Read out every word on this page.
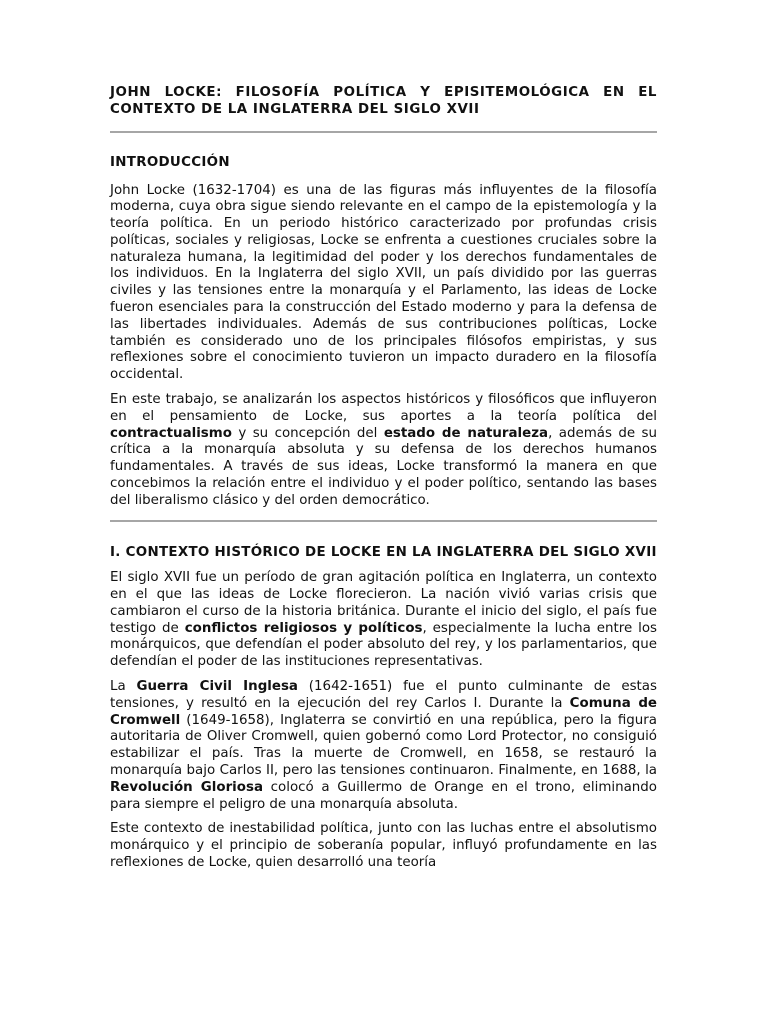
JOHN LOCKE: FILOSOFÍA POLÍTICA Y EPISITEMOLÓGICA EN EL CONTEXTO DE LA INGLATERRA DEL SIGLO XVII
INTRODUCCIÓN

John Locke (1632-1704) es una de las figuras más influyentes de la filosofía moderna, cuya obra sigue siendo relevante en el campo de la epistemología y la teoría política. En un periodo histórico caracterizado por profundas crisis políticas, sociales y religiosas, Locke se enfrenta a cuestiones cruciales sobre la naturaleza humana, la legitimidad del poder y los derechos fundamentales de los individuos. En la Inglaterra del siglo XVII, un país dividido por las guerras civiles y las tensiones entre la monarquía y el Parlamento, las ideas de Locke fueron esenciales para la construcción del Estado moderno y para la defensa de las libertades individuales. Además de sus contribuciones políticas, Locke también es considerado uno de los principales filósofos empiristas, y sus reflexiones sobre el conocimiento tuvieron un impacto duradero en la filosofía occidental.

En este trabajo, se analizarán los aspectos históricos y filosóficos que influyeron en el pensamiento de Locke, sus aportes a la teoría política del contractualismo y su concepción del estado de naturaleza, además de su crítica a la monarquía absoluta y su defensa de los derechos humanos fundamentales. A través de sus ideas, Locke transformó la manera en que concebimos la relación entre el individuo y el poder político, sentando las bases del liberalismo clásico y del orden democrático.

I. CONTEXTO HISTÓRICO DE LOCKE EN LA INGLATERRA DEL SIGLO XVII

El siglo XVII fue un período de gran agitación política en Inglaterra, un contexto en el que las ideas de Locke florecieron. La nación vivió varias crisis que cambiaron el curso de la historia británica. Durante el inicio del siglo, el país fue testigo de conflictos religiosos y políticos, especialmente la lucha entre los monárquicos, que defendían el poder absoluto del rey, y los parlamentarios, que defendían el poder de las instituciones representativas.

La Guerra Civil Inglesa (1642-1651) fue el punto culminante de estas tensiones, y resultó en la ejecución del rey Carlos I. Durante la Comuna de Cromwell (1649-1658), Inglaterra se convirtió en una república, pero la figura autoritaria de Oliver Cromwell, quien gobernó como Lord Protector, no consiguió estabilizar el país. Tras la muerte de Cromwell, en 1658, se restauró la monarquía bajo Carlos II, pero las tensiones continuaron. Finalmente, en 1688, la Revolución Gloriosa colocó a Guillermo de Orange en el trono, eliminando para siempre el peligro de una monarquía absoluta.

Este contexto de inestabilidad política, junto con las luchas entre el absolutismo monárquico y el principio de soberanía popular, influyó profundamente en las reflexiones de Locke, quien desarrolló una teoría
